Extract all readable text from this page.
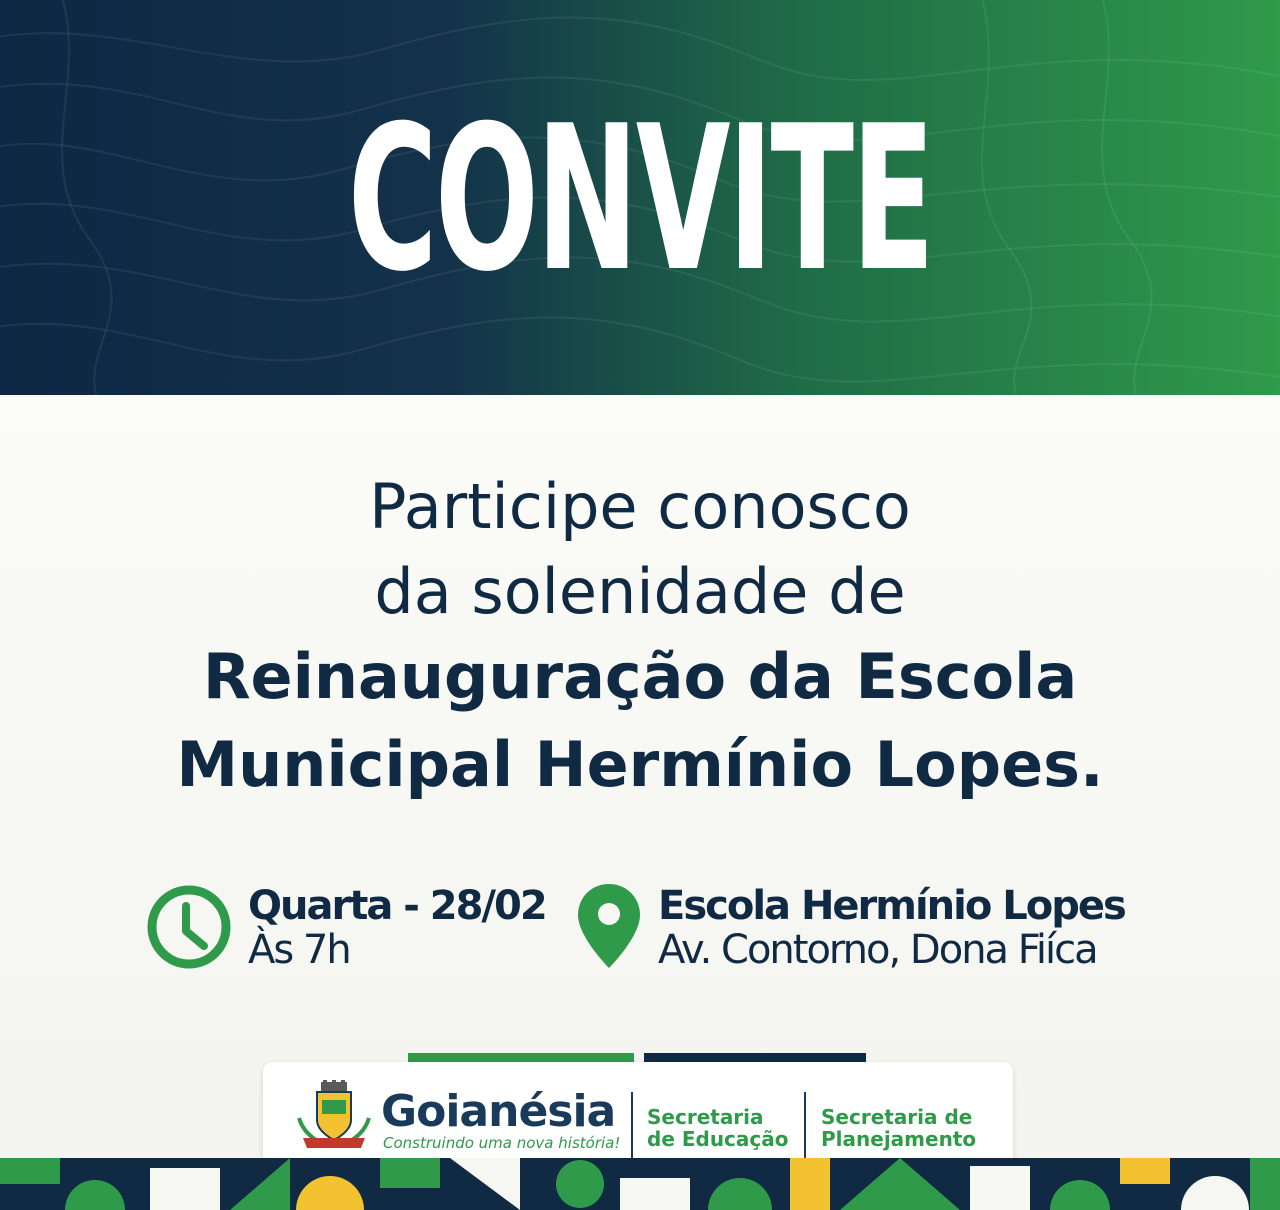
CONVITE
Participe conosco
da solenidade de
Reinauguração da Escola
Municipal Hermínio Lopes.
Quarta - 28/02
Às 7h
Escola Hermínio Lopes
Av. Contorno, Dona Fiíca
Goianésia
Construindo uma nova história!
Secretaria
de Educação
Secretaria de
Planejamento
